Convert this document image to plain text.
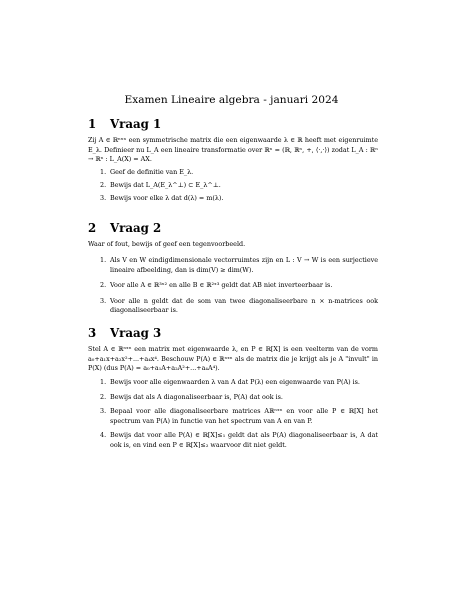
Examen Lineaire algebra - januari 2024
1 Vraag 1
Zij A ∈ ℝⁿˣⁿ een symmetrische matrix die een eigenwaarde λ ∈ ℝ heeft met eigenruimte E_λ. Definieer nu L_A een lineaire transformatie over ℝⁿ = (ℝ, ℝⁿ, +, ⟨·,·⟩) zodat L_A : ℝⁿ → ℝⁿ : L_A(X) = AX.
1. Geef de definitie van E_λ.
2. Bewijs dat L_A(E_λ^⊥) ⊂ E_λ^⊥.
3. Bewijs voor elke λ dat d(λ) = m(λ).
2 Vraag 2
Waar of fout, bewijs of geef een tegenvoorbeeld.
1. Als V en W eindigdimensionale vectorruimtes zijn en L : V → W is een surjectieve lineaire afbeelding, dan is dim(V) ≥ dim(W).
2. Voor alle A ∈ ℝ³ˣ² en alle B ∈ ℝ²ˣ³ geldt dat AB niet inverteerbaar is.
3. Voor alle n geldt dat de som van twee diagonaliseerbare n × n-matrices ook diagonaliseerbaar is.
3 Vraag 3
Stel A ∈ ℝⁿˣⁿ een matrix met eigenwaarde λ, en P ∈ ℝ[X] is een veelterm van de vorm a₀+a₁x+a₂x²+...+a₄x⁴. Beschouw P(A) ∈ ℝⁿˣⁿ als de matrix die je krijgt als je A "invult" in P(X) (dus P(A) = a₀+a₁A+a₂A²+...+a₄A⁴).
1. Bewijs voor alle eigenwaarden λ van A dat P(λ) een eigenwaarde van P(A) is.
2. Bewijs dat als A diagonaliseerbaar is, P(A) dat ook is.
3. Bepaal voor alle diagonaliseerbare matrices Aℝⁿˣⁿ en voor alle P ∈ ℝ[X] het spectrum van P(A) in functie van het spectrum van A en van P.
4. Bewijs dat voor alle P(A) ∈ ℝ[X]≤₁ geldt dat als P(A) diagonaliseerbaar is, A dat ook is, en vind een P ∈ ℝ[X]≤₂ waarvoor dit niet geldt.
